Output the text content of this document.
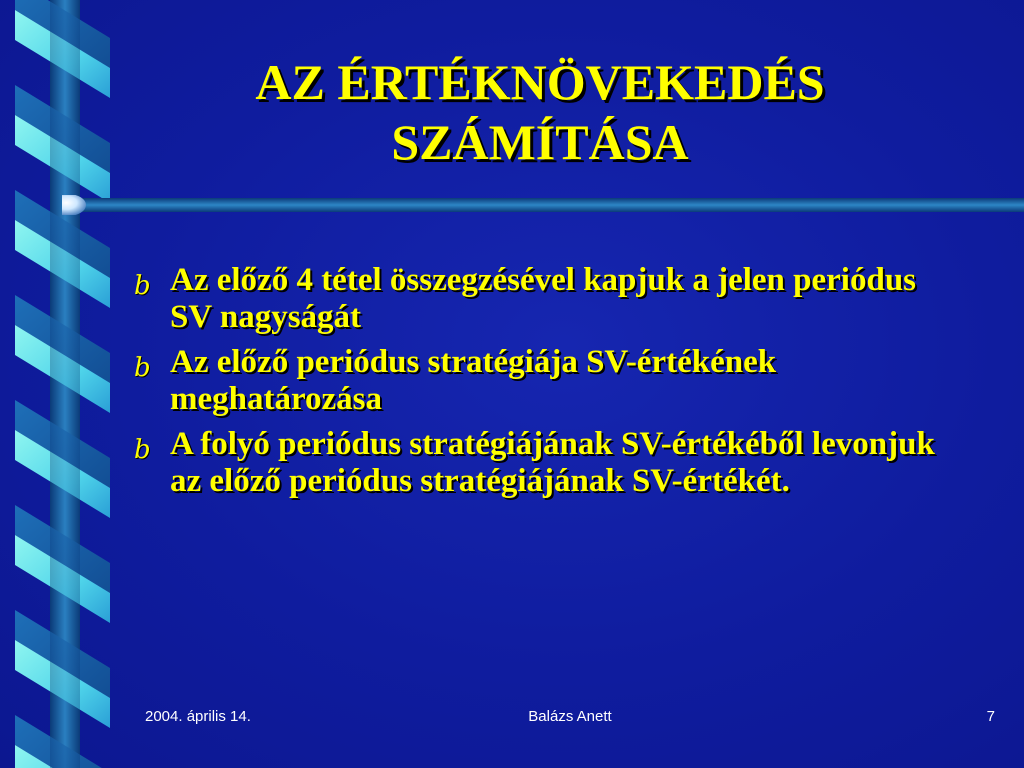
AZ ÉRTÉKNÖVEKEDÉS
SZÁMÍTÁSA
b Az előző 4 tétel összegzésével kapjuk a jelen periódus SV nagyságát
b Az előző periódus stratégiája SV-értékének meghatározása
b A folyó periódus stratégiájának SV-értékéből levonjuk az előző periódus stratégiájának SV-értékét.
2004. április 14.	Balázs Anett	7
